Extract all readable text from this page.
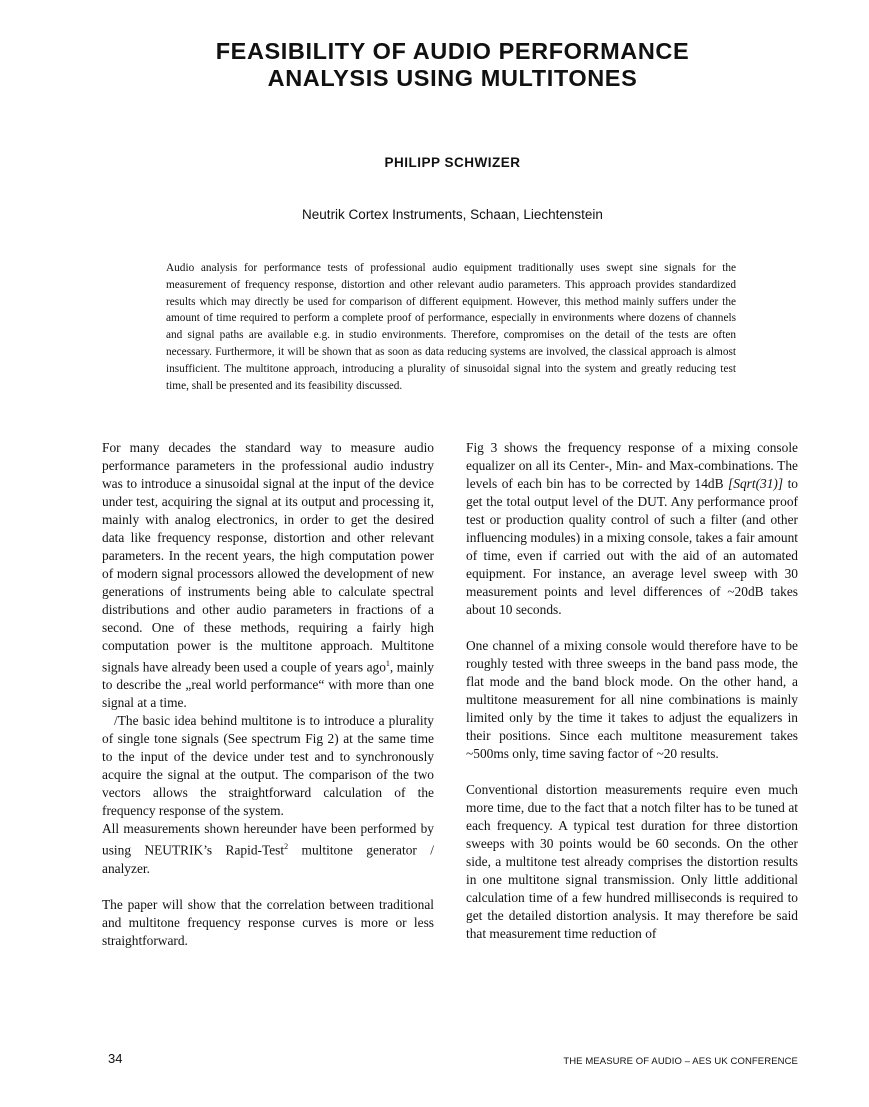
FEASIBILITY OF AUDIO PERFORMANCE
ANALYSIS USING MULTITONES
PHILIPP SCHWIZER
Neutrik Cortex Instruments, Schaan, Liechtenstein
Audio analysis for performance tests of professional audio equipment traditionally uses swept sine signals for the measurement of frequency response, distortion and other relevant audio parameters. This approach provides standardized results which may directly be used for comparison of different equipment. However, this method mainly suffers under the amount of time required to perform a complete proof of performance, especially in environments where dozens of channels and signal paths are available e.g. in studio environments. Therefore, compromises on the detail of the tests are often necessary. Furthermore, it will be shown that as soon as data reducing systems are involved, the classical approach is almost insufficient. The multitone approach, introducing a plurality of sinusoidal signal into the system and greatly reducing test time, shall be presented and its feasibility discussed.

For many decades the standard way to measure audio performance parameters in the professional audio industry was to introduce a sinusoidal signal at the input of the device under test, acquiring the signal at its output and processing it, mainly with analog electronics, in order to get the desired data like frequency response, distortion and other relevant parameters. In the recent years, the high computation power of modern signal processors allowed the development of new generations of instruments being able to calculate spectral distributions and other audio parameters in fractions of a second. One of these methods, requiring a fairly high computation power is the multitone approach. Multitone signals have already been used a couple of years ago$^1$, mainly to describe the „real world performance“ with more than one signal at a time.

/The basic idea behind multitone is to introduce a plurality of single tone signals (See spectrum Fig 2) at the same time to the input of the device under test and to synchronously acquire the signal at the output. The comparison of the two vectors allows the straightforward calculation of the frequency response of the system.

All measurements shown hereunder have been performed by using NEUTRIK’s Rapid-Test$^2$ multitone generator / analyzer.

The paper will show that the correlation between traditional and multitone frequency response curves is more or less straightforward.

Fig 3 shows the frequency response of a mixing console equalizer on all its Center-, Min- and Max-combinations. The levels of each bin has to be corrected by 14dB [Sqrt(31)] to get the total output level of the DUT. Any performance proof test or production quality control of such a filter (and other influencing modules) in a mixing console, takes a fair amount of time, even if carried out with the aid of an automated equipment. For instance, an average level sweep with 30 measurement points and level differences of ~20dB takes about 10 seconds.

One channel of a mixing console would therefore have to be roughly tested with three sweeps in the band pass mode, the flat mode and the band block mode. On the other hand, a multitone measurement for all nine combinations is mainly limited only by the time it takes to adjust the equalizers in their positions. Since each multitone measurement takes ~500ms only, time saving factor of ~20 results.

Conventional distortion measurements require even much more time, due to the fact that a notch filter has to be tuned at each frequency. A typical test duration for three distortion sweeps with 30 points would be 60 seconds. On the other side, a multitone test already comprises the distortion results in one multitone signal transmission. Only little additional calculation time of a few hundred milliseconds is required to get the detailed distortion analysis. It may therefore be said that measurement time reduction of

34	THE MEASURE OF AUDIO – AES UK CONFERENCE
